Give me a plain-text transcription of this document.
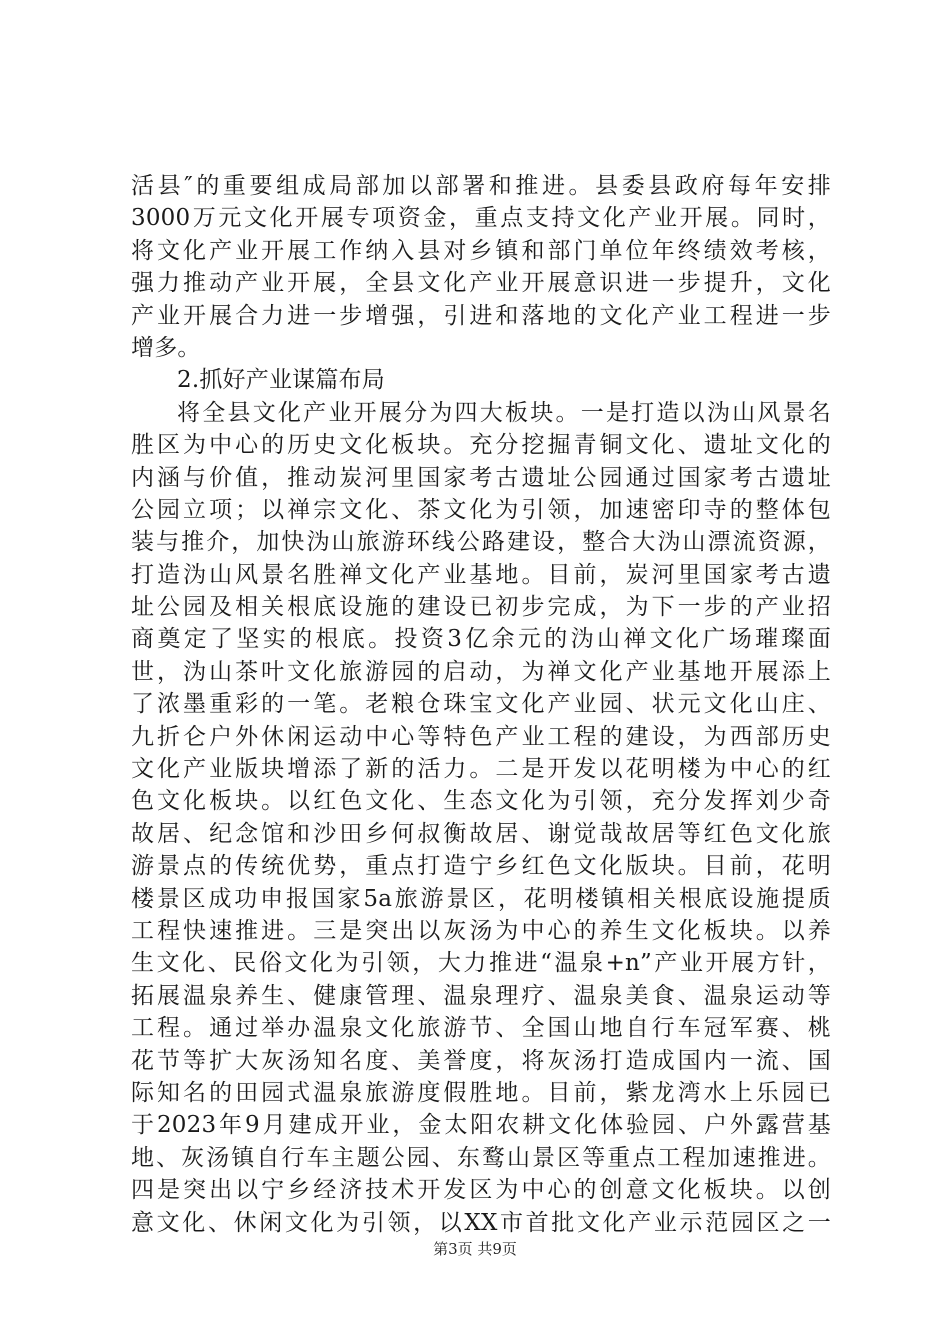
活县″的重要组成局部加以部署和推进。县委县政府每年安排
3000万元文化开展专项资金，重点支持文化产业开展。同时，
将文化产业开展工作纳入县对乡镇和部门单位年终绩效考核，
强力推动产业开展，全县文化产业开展意识进一步提升，文化
产业开展合力进一步增强，引进和落地的文化产业工程进一步
增多。
2.抓好产业谋篇布局
将全县文化产业开展分为四大板块。一是打造以沩山风景名
胜区为中心的历史文化板块。充分挖掘青铜文化、遗址文化的
内涵与价值，推动炭河里国家考古遗址公园通过国家考古遗址
公园立项；以禅宗文化、茶文化为引领，加速密印寺的整体包
装与推介，加快沩山旅游环线公路建设，整合大沩山漂流资源，
打造沩山风景名胜禅文化产业基地。目前，炭河里国家考古遗
址公园及相关根底设施的建设已初步完成，为下一步的产业招
商奠定了坚实的根底。投资3亿余元的沩山禅文化广场璀璨面
世，沩山茶叶文化旅游园的启动，为禅文化产业基地开展添上
了浓墨重彩的一笔。老粮仓珠宝文化产业园、状元文化山庄、
九折仑户外休闲运动中心等特色产业工程的建设，为西部历史
文化产业版块增添了新的活力。二是开发以花明楼为中心的红
色文化板块。以红色文化、生态文化为引领，充分发挥刘少奇
故居、纪念馆和沙田乡何叔衡故居、谢觉哉故居等红色文化旅
游景点的传统优势，重点打造宁乡红色文化版块。目前，花明
楼景区成功申报国家5a旅游景区，花明楼镇相关根底设施提质
工程快速推进。三是突出以灰汤为中心的养生文化板块。以养
生文化、民俗文化为引领，大力推进“温泉+n”产业开展方针，
拓展温泉养生、健康管理、温泉理疗、温泉美食、温泉运动等
工程。通过举办温泉文化旅游节、全国山地自行车冠军赛、桃
花节等扩大灰汤知名度、美誉度，将灰汤打造成国内一流、国
际知名的田园式温泉旅游度假胜地。目前，紫龙湾水上乐园已
于2023年9月建成开业，金太阳农耕文化体验园、户外露营基
地、灰汤镇自行车主题公园、东鹜山景区等重点工程加速推进。
四是突出以宁乡经济技术开发区为中心的创意文化板块。以创
意文化、休闲文化为引领，以XX市首批文化产业示范园区之一
第3页 共9页
